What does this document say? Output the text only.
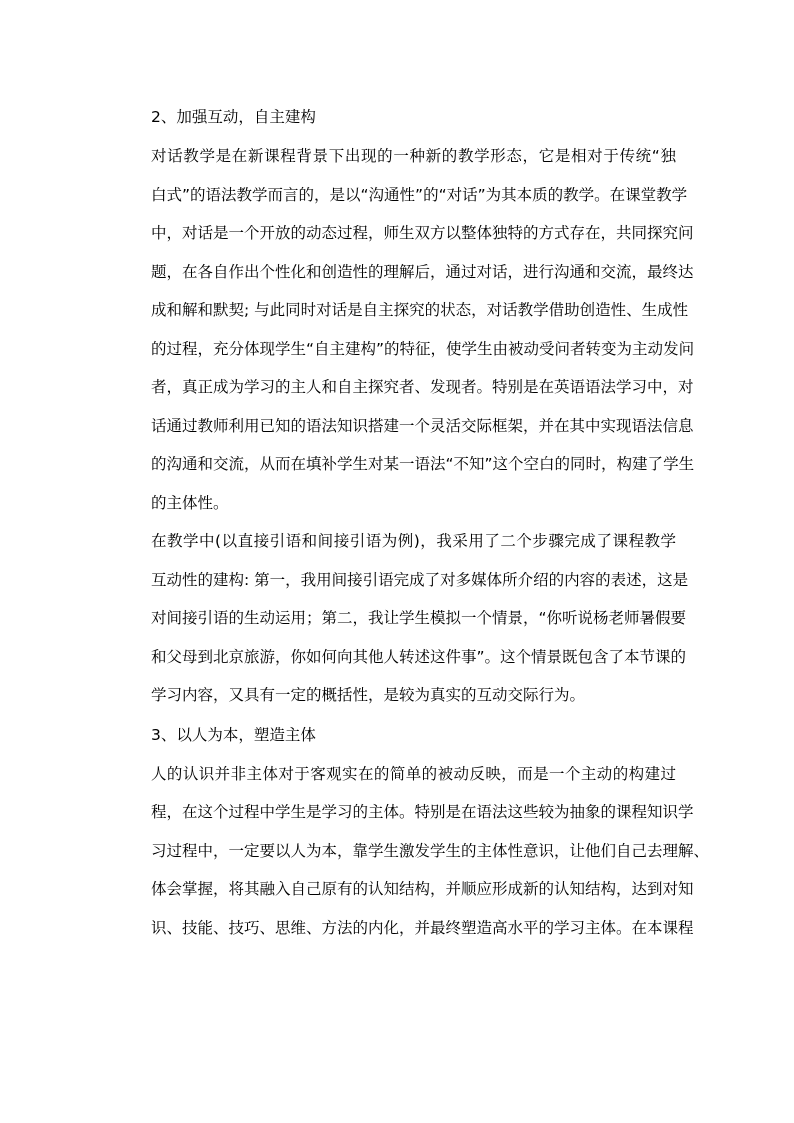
2、加强互动，自主建构

对话教学是在新课程背景下出现的一种新的教学形态，它是相对于传统“独
白式”的语法教学而言的，是以“沟通性”的“对话”为其本质的教学。在课堂教学
中，对话是一个开放的动态过程，师生双方以整体独特的方式存在，共同探究问
题，在各自作出个性化和创造性的理解后，通过对话，进行沟通和交流，最终达
成和解和默契; 与此同时对话是自主探究的状态，对话教学借助创造性、生成性
的过程，充分体现学生“自主建构”的特征，使学生由被动受问者转变为主动发问
者，真正成为学习的主人和自主探究者、发现者。特别是在英语语法学习中，对
话通过教师利用已知的语法知识搭建一个灵活交际框架，并在其中实现语法信息
的沟通和交流，从而在填补学生对某一语法“不知”这个空白的同时，构建了学生
的主体性。

在教学中(以直接引语和间接引语为例)，我采用了二个步骤完成了课程教学
互动性的建构: 第一，我用间接引语完成了对多媒体所介绍的内容的表述，这是
对间接引语的生动运用；第二，我让学生模拟一个情景，“你听说杨老师暑假要
和父母到北京旅游，你如何向其他人转述这件事”。这个情景既包含了本节课的
学习内容，又具有一定的概括性，是较为真实的互动交际行为。

3、以人为本，塑造主体

人的认识并非主体对于客观实在的简单的被动反映，而是一个主动的构建过
程，在这个过程中学生是学习的主体。特别是在语法这些较为抽象的课程知识学
习过程中，一定要以人为本，靠学生激发学生的主体性意识，让他们自己去理解、
体会掌握，将其融入自己原有的认知结构，并顺应形成新的认知结构，达到对知
识、技能、技巧、思维、方法的内化，并最终塑造高水平的学习主体。在本课程
